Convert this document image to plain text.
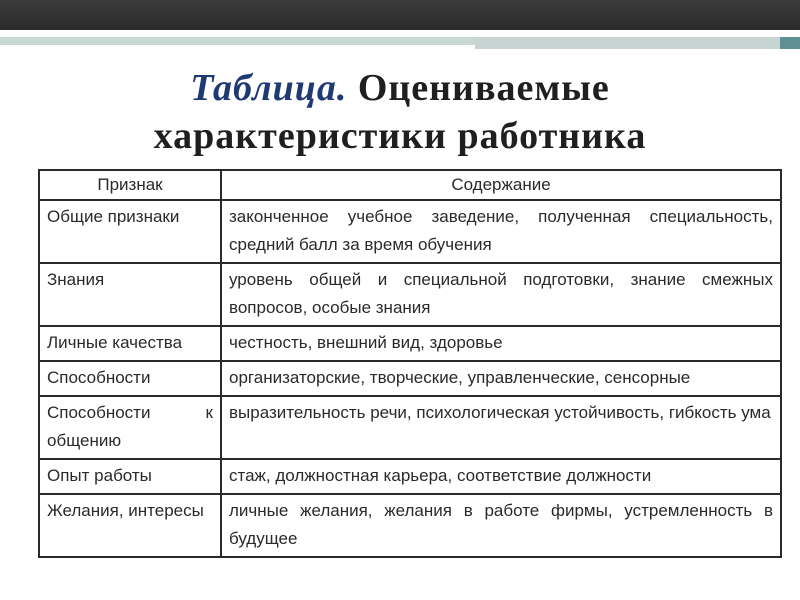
Таблица. Оцениваемые
характеристики работника
Признак	Содержание
Общие признаки	законченное учебное заведение, полученная специальность, средний балл за время обучения
Знания	уровень общей и специальной подготовки, знание смежных вопросов, особые знания
Личные качества	честность, внешний вид, здоровье
Способности	организаторские, творческие, управленческие, сенсорные
Способности к общению	выразительность речи, психологическая устойчивость, гибкость ума
Опыт работы	стаж, должностная карьера, соответствие должности
Желания, интересы	личные желания, желания в работе фирмы, устремленность в будущее
